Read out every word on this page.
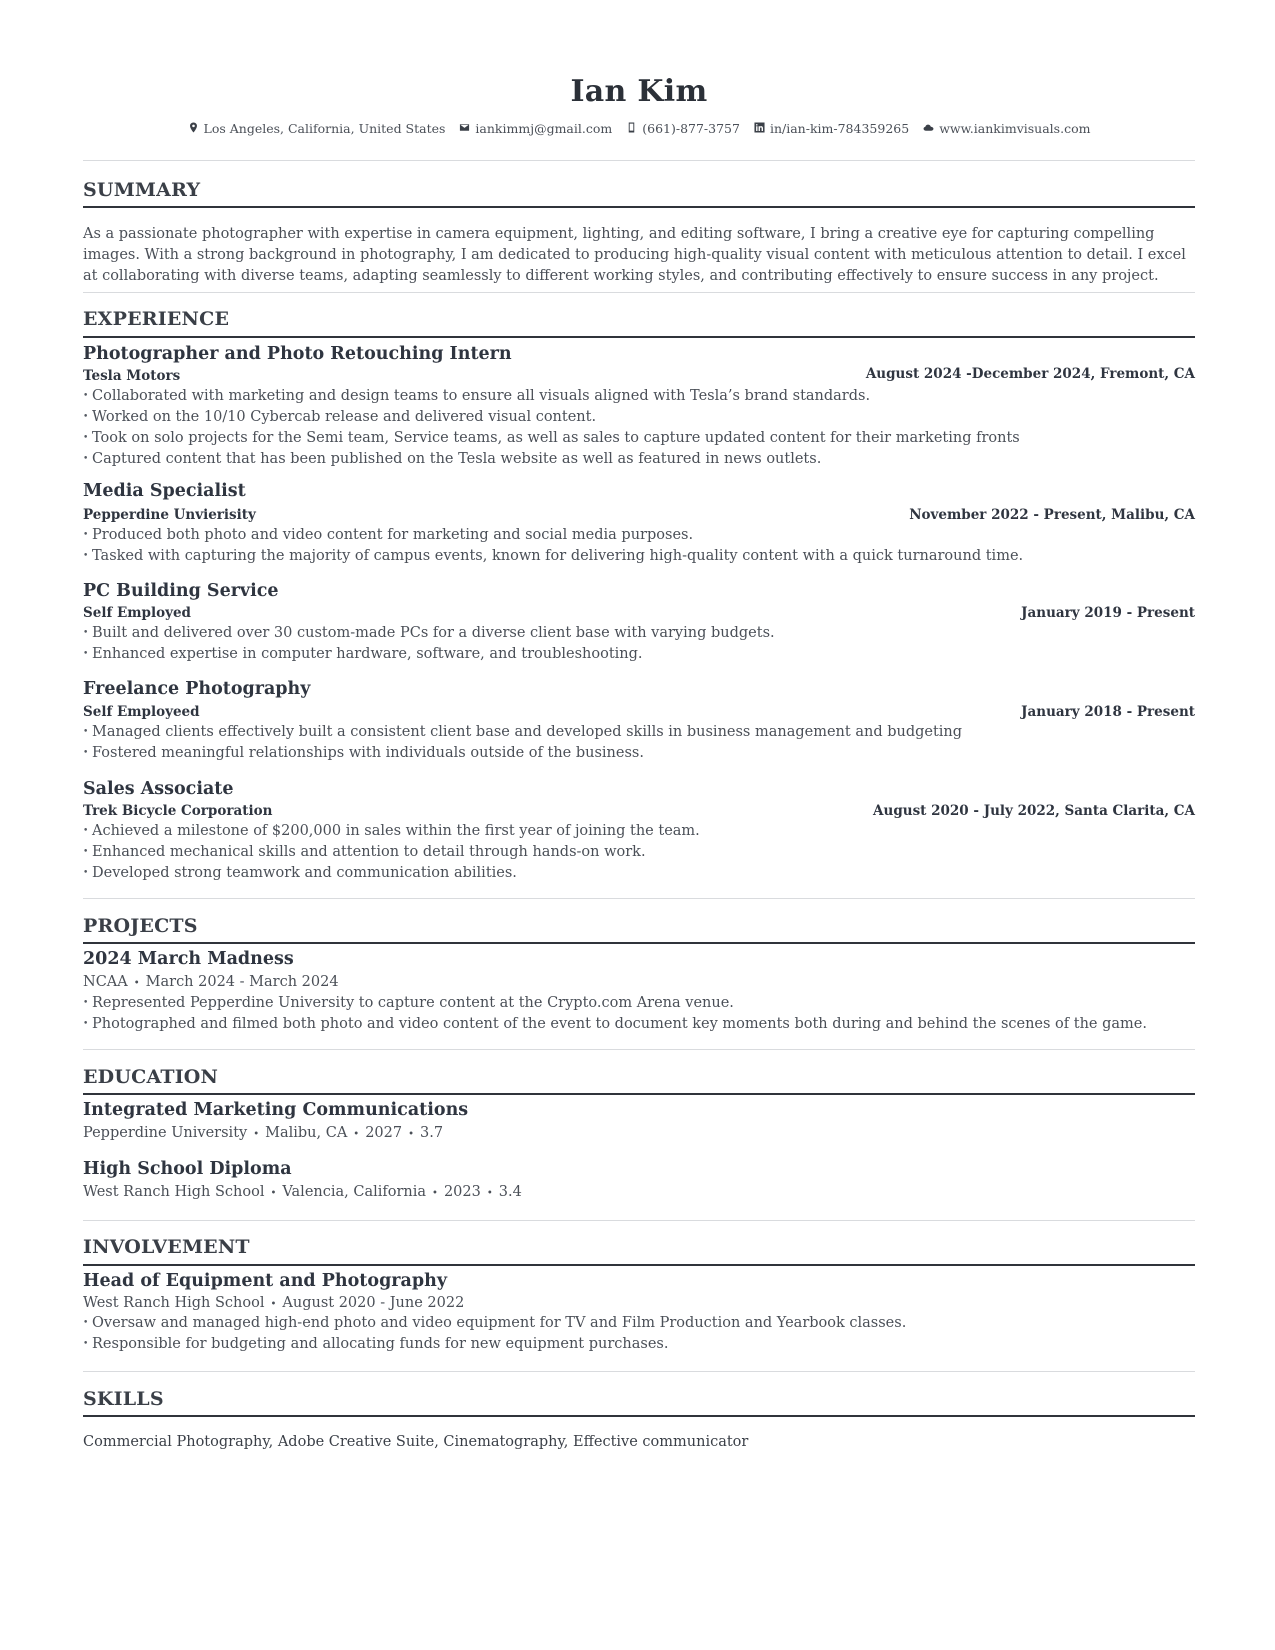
Ian Kim
Los Angeles, California, United States iankimmj@gmail.com (661)-877-3757 in/ian-kim-784359265 www.iankimvisuals.com
SUMMARY
As a passionate photographer with expertise in camera equipment, lighting, and editing software, I bring a creative eye for capturing compelling images. With a strong background in photography, I am dedicated to producing high-quality visual content with meticulous attention to detail. I excel at collaborating with diverse teams, adapting seamlessly to different working styles, and contributing effectively to ensure success in any project.
EXPERIENCE
Photographer and Photo Retouching Intern
Tesla Motors	August 2024 -December 2024, Fremont, CA
• Collaborated with marketing and design teams to ensure all visuals aligned with Tesla’s brand standards.
• Worked on the 10/10 Cybercab release and delivered visual content.
• Took on solo projects for the Semi team, Service teams, as well as sales to capture updated content for their marketing fronts
• Captured content that has been published on the Tesla website as well as featured in news outlets.
Media Specialist
Pepperdine Unvierisity	November 2022 - Present, Malibu, CA
• Produced both photo and video content for marketing and social media purposes.
• Tasked with capturing the majority of campus events, known for delivering high-quality content with a quick turnaround time.
PC Building Service
Self Employed	January 2019 - Present
• Built and delivered over 30 custom-made PCs for a diverse client base with varying budgets.
• Enhanced expertise in computer hardware, software, and troubleshooting.
Freelance Photography
Self Employeed	January 2018 - Present
• Managed clients effectively built a consistent client base and developed skills in business management and budgeting
• Fostered meaningful relationships with individuals outside of the business.
Sales Associate
Trek Bicycle Corporation	August 2020 - July 2022, Santa Clarita, CA
• Achieved a milestone of $200,000 in sales within the first year of joining the team.
• Enhanced mechanical skills and attention to detail through hands-on work.
• Developed strong teamwork and communication abilities.
PROJECTS
2024 March Madness
NCAA • March 2024 - March 2024
• Represented Pepperdine University to capture content at the Crypto.com Arena venue.
• Photographed and filmed both photo and video content of the event to document key moments both during and behind the scenes of the game.
EDUCATION
Integrated Marketing Communications
Pepperdine University • Malibu, CA • 2027 • 3.7
High School Diploma
West Ranch High School • Valencia, California • 2023 • 3.4
INVOLVEMENT
Head of Equipment and Photography
West Ranch High School • August 2020 - June 2022
• Oversaw and managed high-end photo and video equipment for TV and Film Production and Yearbook classes.
• Responsible for budgeting and allocating funds for new equipment purchases.
SKILLS
Commercial Photography, Adobe Creative Suite, Cinematography, Effective communicator
